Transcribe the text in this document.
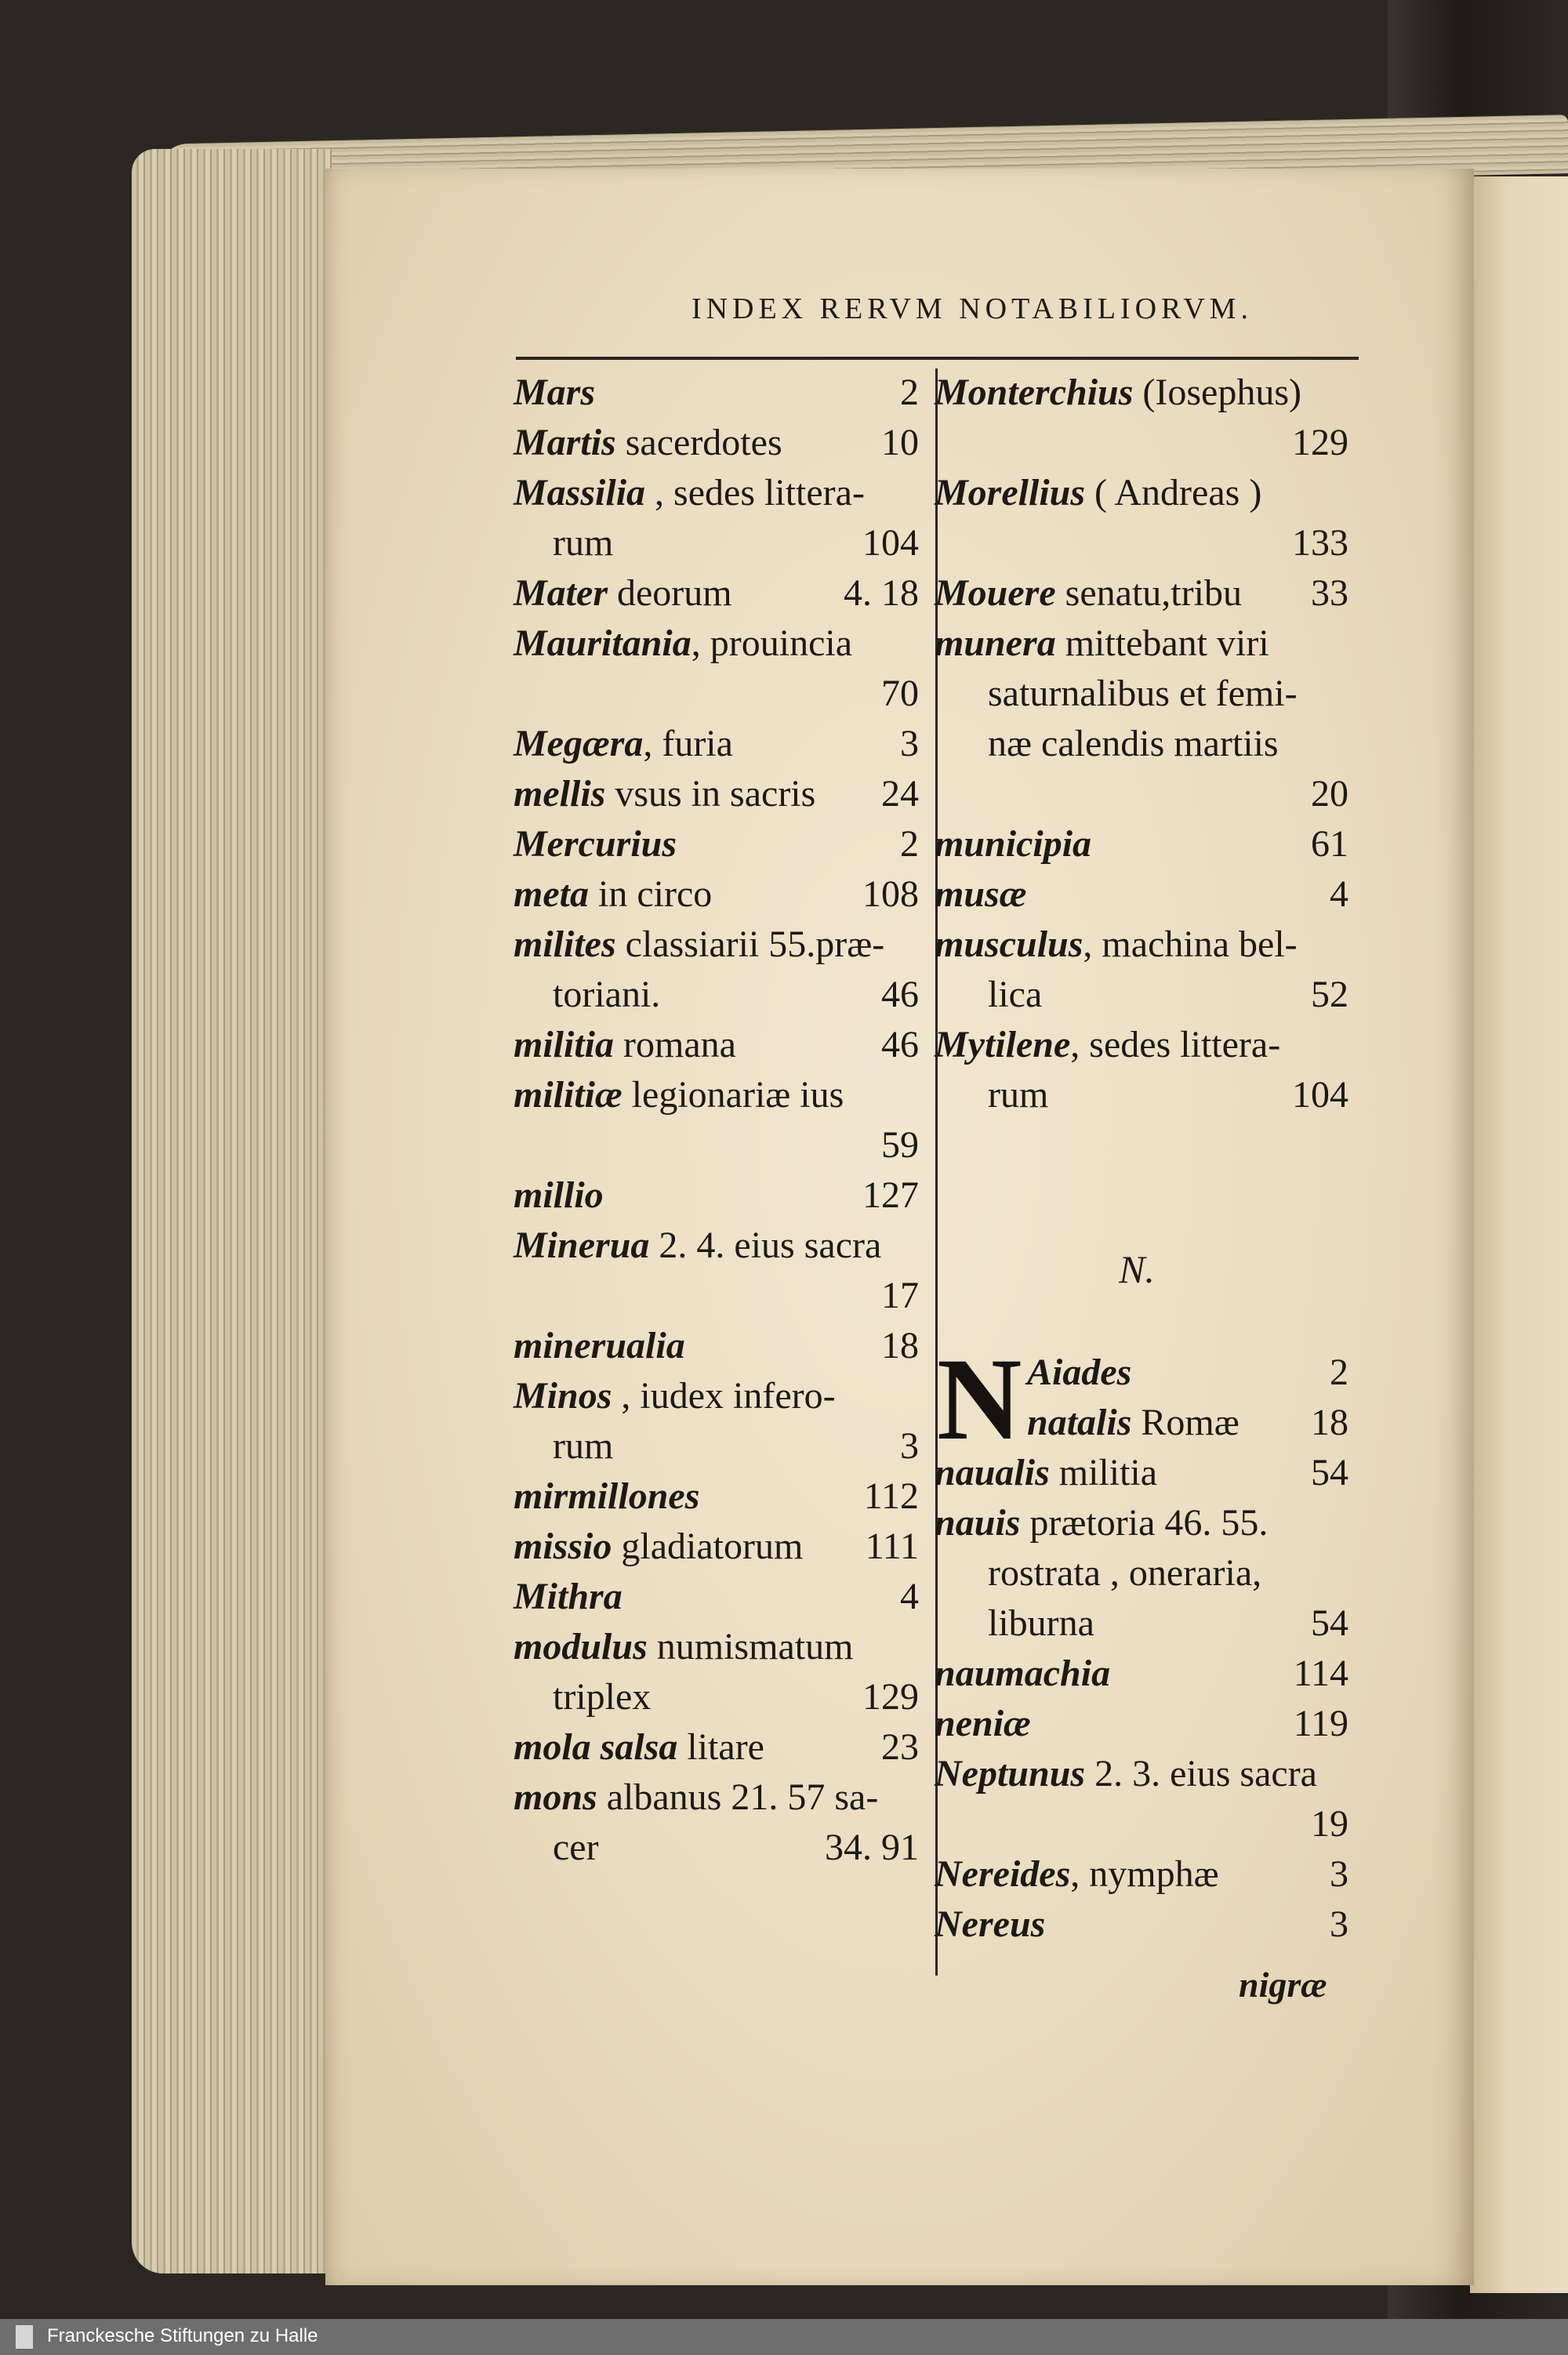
INDEX RERVM NOTABILIORVM.
Mars	2
Martis sacerdotes	10
Massilia , sedes littera-
rum	104
Mater deorum	4. 18
Mauritania, prouincia
70
Megæra, furia	3
mellis vsus in sacris 24
Mercurius	2
meta in circo	108
milites classiarii 55.præ-
toriani.	46
militia romana	46
militiæ legionariæ ius
59
millio	127
Minerua 2. 4. eius sacra
17
minerualia	18
Minos , iudex infero-
rum	3
mirmillones	112
missio gladiatorum 111
Mithra	4
modulus numismatum
triplex	129
mola salsa litare	23
mons albanus 21. 57 sa-
cer	34. 91
Monterchius (Iosephus)
129
Morellius ( Andreas )
133
Mouere senatu,tribu 33
munera mittebant viri
saturnalibus et femi-
næ calendis martiis
20
municipia	61
musæ	4
musculus, machina bel-
lica	52
Mytilene, sedes littera-
rum	104
N.
N Aiades	2
natalis Romæ 18
naualis militia	54
nauis prætoria 46. 55.
rostrata , oneraria,
liburna	54
naumachia	114
neniæ	119
Neptunus 2. 3. eius sacra
19
Nereides, nymphæ	3
Nereus	3
nigræ
Franckesche Stiftungen zu Halle
